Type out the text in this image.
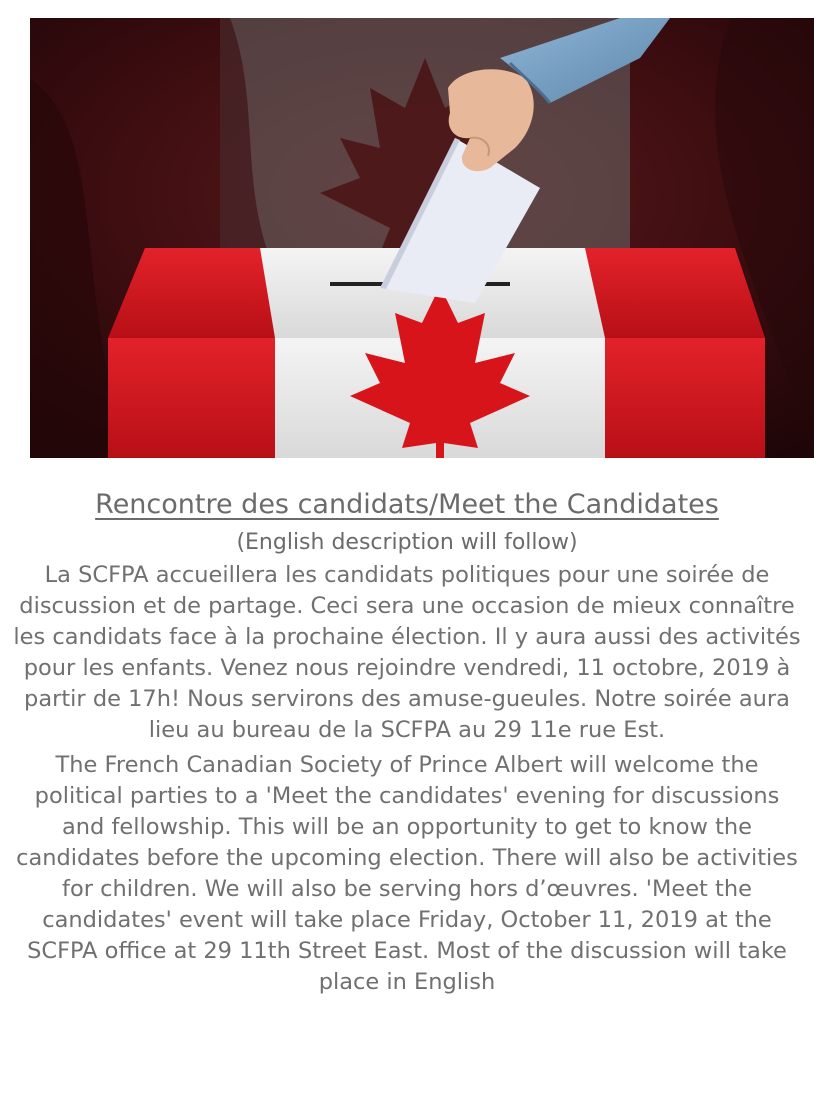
Rencontre des candidats/Meet the Candidates

(English description will follow)

La SCFPA accueillera les candidats politiques pour une soirée de discussion et de partage. Ceci sera une occasion de mieux connaître les candidats face à la prochaine élection. Il y aura aussi des activités pour les enfants. Venez nous rejoindre vendredi, 11 octobre, 2019 à partir de 17h! Nous servirons des amuse-gueules. Notre soirée aura lieu au bureau de la SCFPA au 29 11e rue Est.

The French Canadian Society of Prince Albert will welcome the political parties to a 'Meet the candidates' evening for discussions and fellowship. This will be an opportunity to get to know the candidates before the upcoming election. There will also be activities for children. We will also be serving hors d’œuvres. 'Meet the candidates' event will take place Friday, October 11, 2019 at the SCFPA office at 29 11th Street East. Most of the discussion will take place in English
